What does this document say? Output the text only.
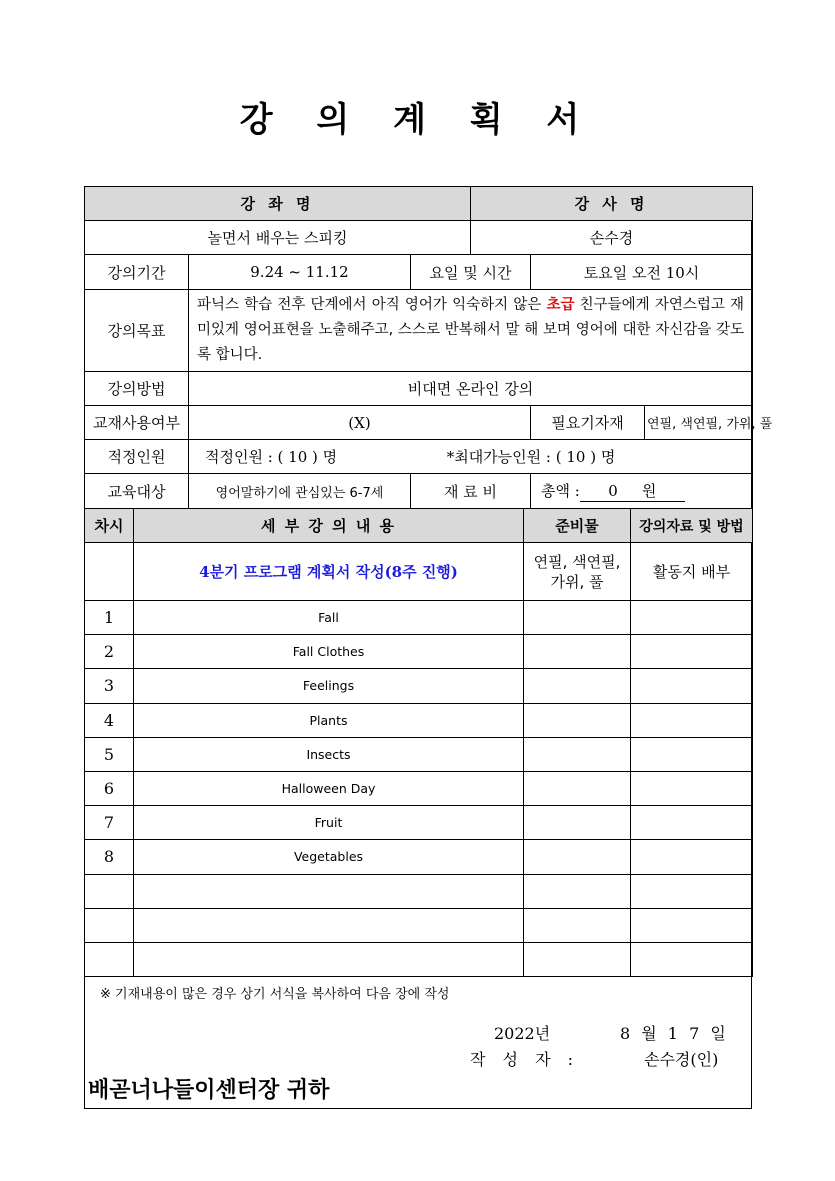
강 의 계 획 서
강 좌 명			강 사 명		
놀면서 배우는 스피킹			손수경		
강의기간	9.24 ~ 11.12	요일 및 시간		토요일 오전 10시	
강의목표	파닉스 학습 전후 단계에서 아직 영어가 익숙하지 않은 초급 친구들에게 자연스럽고 재미있게 영어표현을 노출해주고, 스스로 반복해서 말 해 보며 영어에 대한 자신감을 갖도록 합니다.				
강의방법	비대면 온라인 강의				
교재사용여부	(X)			필요기자재	연필, 색연필, 가위, 풀
적정인원	적정인원 : ( 10 ) 명 *최대가능인원 : ( 10 ) 명				
교육대상	영어말하기에 관심있는 6-7세	재 료 비		총액 : 0 원	
차시	세 부 강 의 내 용	준비물	강의자료 및 방법
	4분기 프로그램 계획서 작성(8주 진행)	연필, 색연필, 가위, 풀	활동지 배부
1	Fall		
2	Fall Clothes		
3	Feelings		
4	Plants		
5	Insects		
6	Halloween Day		
7	Fruit		
8	Vegetables		

※ 기재내용이 많은 경우 상기 서식을 복사하여 다음 장에 작성
2022년	8 월 1 7 일
작 성 자 :	손수경(인)
배곧너나들이센터장 귀하
